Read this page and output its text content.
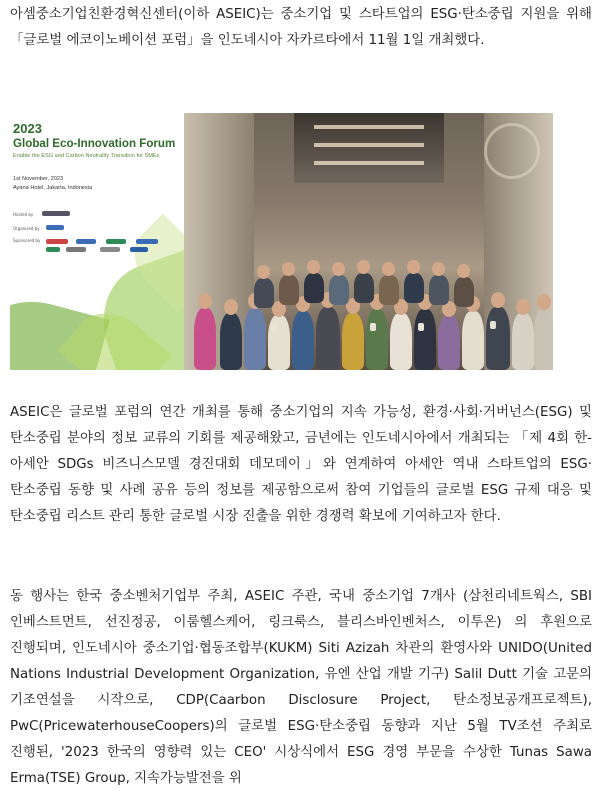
아셈중소기업친환경혁신센터(이하 ASEIC)는 중소기업 및 스타트업의 ESG·탄소중립 지원을 위해 「글로벌 에코이노베이션 포럼」을 인도네시아 자카르타에서 11월 1일 개최했다.

2023
Global Eco-Innovation Forum
Enable the ESG and Carbon Neutrality Transition for SMEs
1st November, 2023
Ayana Hotel, Jakarta, Indonesia
Hosted by
Organized by
Sponsored by

ASEIC은 글로벌 포럼의 연간 개최를 통해 중소기업의 지속 가능성, 환경·사회·거버넌스(ESG) 및 탄소중립 분야의 정보 교류의 기회를 제공해왔고, 금년에는 인도네시아에서 개최되는 「제 4회 한-아세안 SDGs 비즈니스모델 경진대회 데모데이」와 연계하여 아세안 역내 스타트업의 ESG·탄소중립 동향 및 사례 공유 등의 정보를 제공함으로써 참여 기업들의 글로벌 ESG 규제 대응 및 탄소중립 리스트 관리 통한 글로벌 시장 진출을 위한 경쟁력 확보에 기여하고자 한다.

동 행사는 한국 중소벤처기업부 주최, ASEIC 주관, 국내 중소기업 7개사 (삼천리네트웍스, SBI 인베스트먼트, 선진정공, 이룸헬스케어, 링크룩스, 블리스바인벤처스, 이투온) 의 후원으로 진행되며, 인도네시아 중소기업·협동조합부(KUKM) Siti Azizah 차관의 환영사와 UNIDO(United Nations Industrial Development Organization, 유엔 산업 개발 기구) Salil Dutt 기술 고문의 기조연설을 시작으로, CDP(Caarbon Disclosure Project, 탄소정보공개프로젝트), PwC(PricewaterhouseCoopers)의 글로벌 ESG·탄소중립 동향과 지난 5월 TV조선 주최로 진행된, '2023 한국의 영향력 있는 CEO' 시상식에서 ESG 경영 부문을 수상한 Tunas Sawa Erma(TSE) Group, 지속가능발전을 위
